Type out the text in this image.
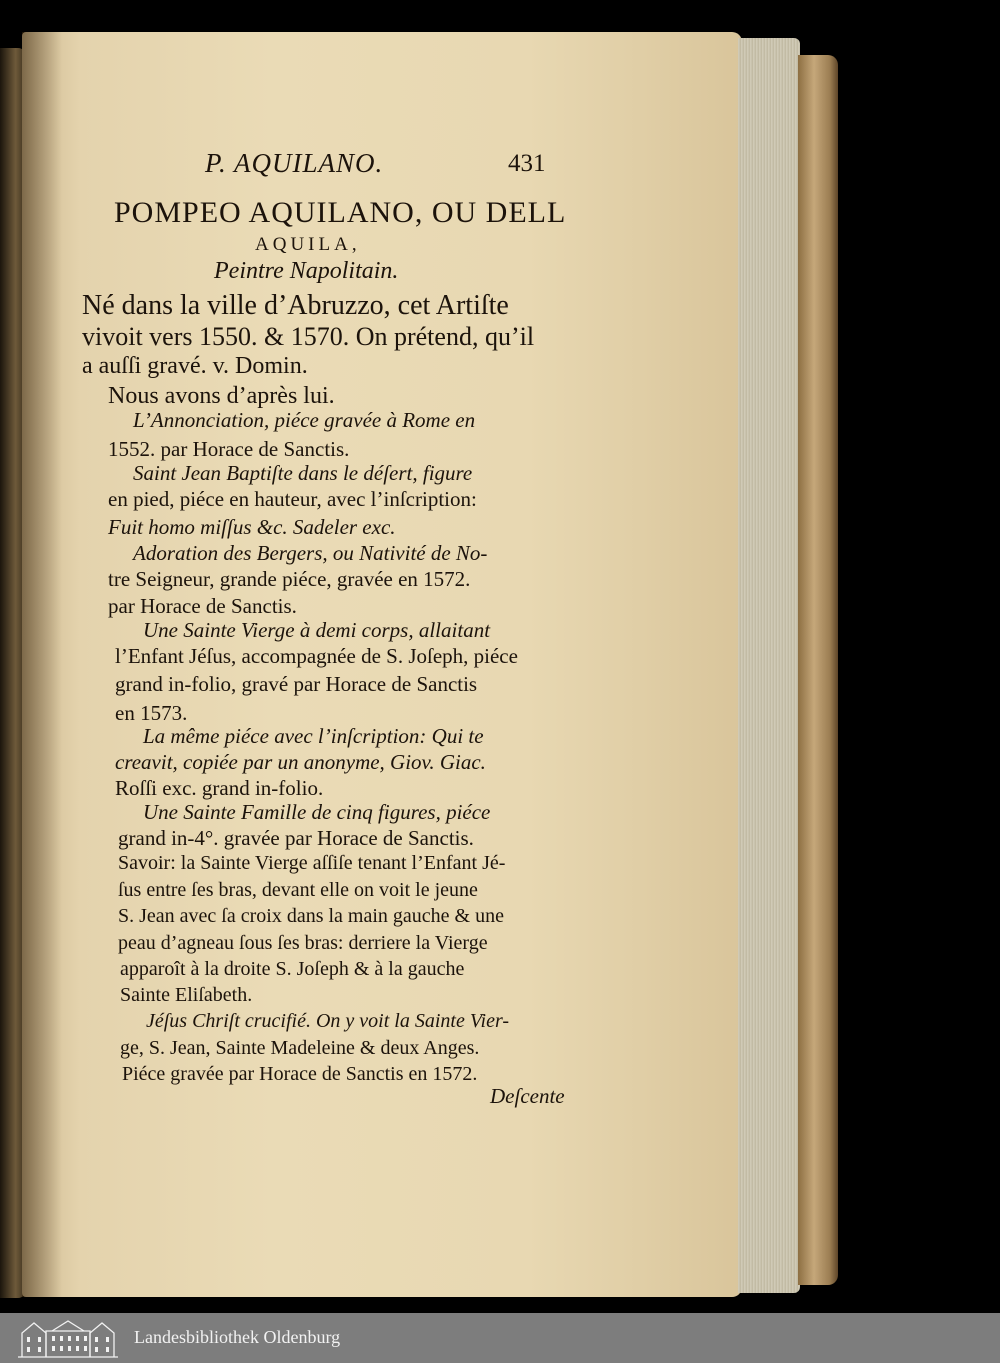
P. AQUILANO.	431

POMPEO AQUILANO, OU DELL

AQUILA,

Peintre Napolitain.

Né dans la ville d’Abruzzo, cet Artiſte

vivoit vers 1550. & 1570. On prétend, qu’il

a auſſi gravé. v. Domin.

Nous avons d’après lui.

L’Annonciation, piéce gravée à Rome en

1552. par Horace de Sanctis.

Saint Jean Baptiſte dans le déſert, figure

en pied, piéce en hauteur, avec l’inſcription:

Fuit homo miſſus &c. Sadeler exc.

Adoration des Bergers, ou Nativité de No-

tre Seigneur, grande piéce, gravée en 1572.

par Horace de Sanctis.

Une Sainte Vierge à demi corps, allaitant

l’Enfant Jéſus, accompagnée de S. Joſeph, piéce

grand in-folio, gravé par Horace de Sanctis

en 1573.

La même piéce avec l’inſcription: Qui te

creavit, copiée par un anonyme, Giov. Giac.

Roſſi exc. grand in-folio.

Une Sainte Famille de cinq figures, piéce

grand in-4°. gravée par Horace de Sanctis.

Savoir: la Sainte Vierge aſſiſe tenant l’Enfant Jé-

ſus entre ſes bras, devant elle on voit le jeune

S. Jean avec ſa croix dans la main gauche & une

peau d’agneau ſous ſes bras: derriere la Vierge

apparoît à la droite S. Joſeph & à la gauche

Sainte Eliſabeth.

Jéſus Chriſt crucifié. On y voit la Sainte Vier-

ge, S. Jean, Sainte Madeleine & deux Anges.

Piéce gravée par Horace de Sanctis en 1572.

Deſcente

Landesbibliothek Oldenburg
